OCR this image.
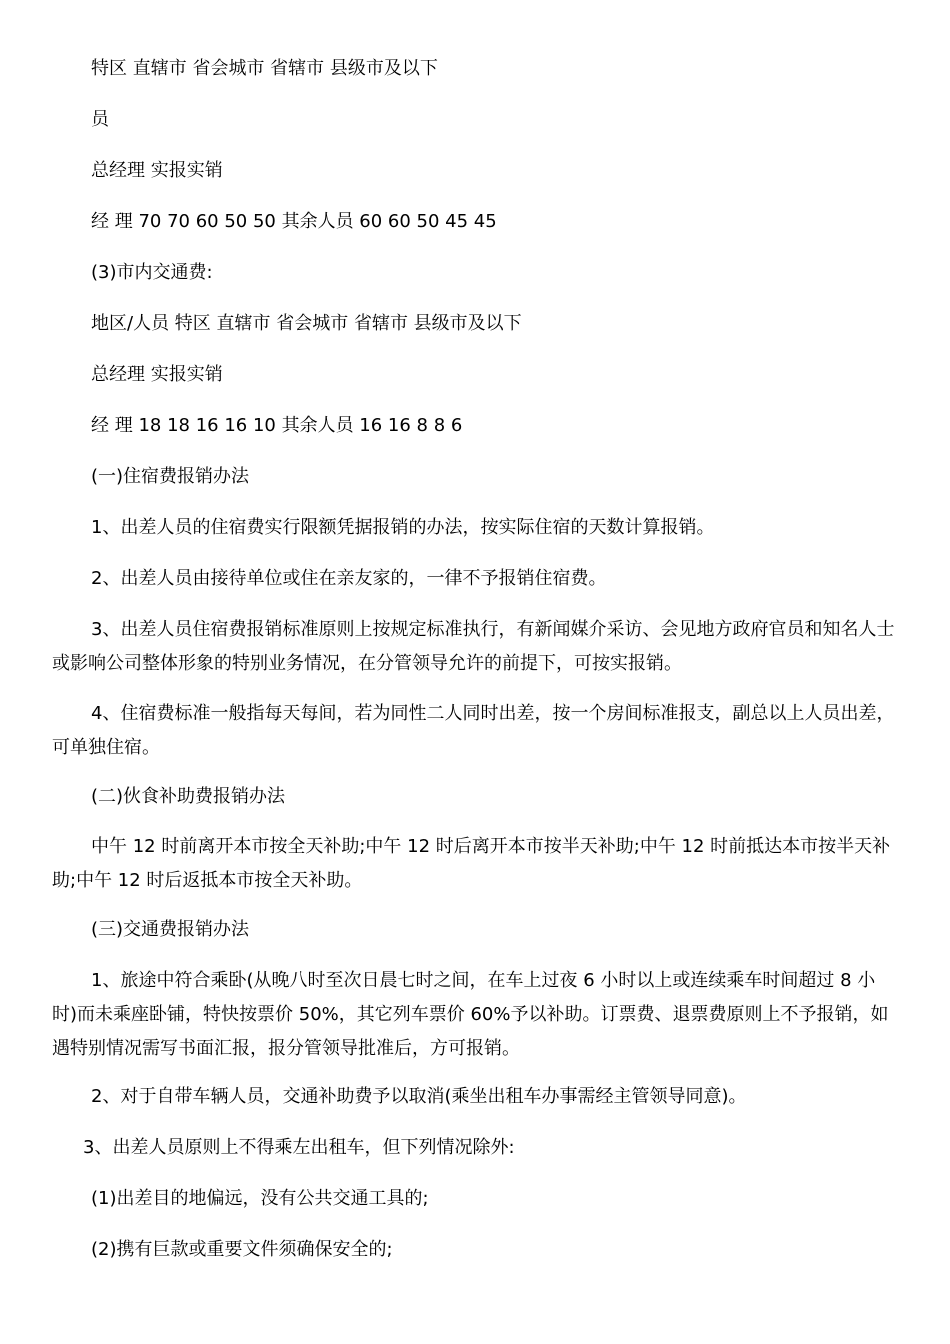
特区 直辖市 省会城市 省辖市 县级市及以下

员

总经理 实报实销

经 理 70 70 60 50 50 其余人员 60 60 50 45 45

(3)市内交通费:

地区/人员 特区 直辖市 省会城市 省辖市 县级市及以下

总经理 实报实销

经 理 18 18 16 16 10 其余人员 16 16 8 8 6

(一)住宿费报销办法

1、出差人员的住宿费实行限额凭据报销的办法，按实际住宿的天数计算报销。

2、出差人员由接待单位或住在亲友家的，一律不予报销住宿费。

3、出差人员住宿费报销标准原则上按规定标准执行，有新闻媒介采访、会见地方政府官员和知名人士或影响公司整体形象的特别业务情况，在分管领导允许的前提下，可按实报销。

4、住宿费标准一般指每天每间，若为同性二人同时出差，按一个房间标准报支，副总以上人员出差，可单独住宿。

(二)伙食补助费报销办法

中午 12 时前离开本市按全天补助;中午 12 时后离开本市按半天补助;中午 12 时前抵达本市按半天补助;中午 12 时后返抵本市按全天补助。

(三)交通费报销办法

1、旅途中符合乘卧(从晚八时至次日晨七时之间，在车上过夜 6 小时以上或连续乘车时间超过 8 小时)而未乘座卧铺，特快按票价 50%，其它列车票价 60%予以补助。订票费、退票费原则上不予报销，如遇特别情况需写书面汇报，报分管领导批准后，方可报销。

2、对于自带车辆人员，交通补助费予以取消(乘坐出租车办事需经主管领导同意)。

3、出差人员原则上不得乘左出租车，但下列情况除外:

(1)出差目的地偏远，没有公共交通工具的;

(2)携有巨款或重要文件须确保安全的;
